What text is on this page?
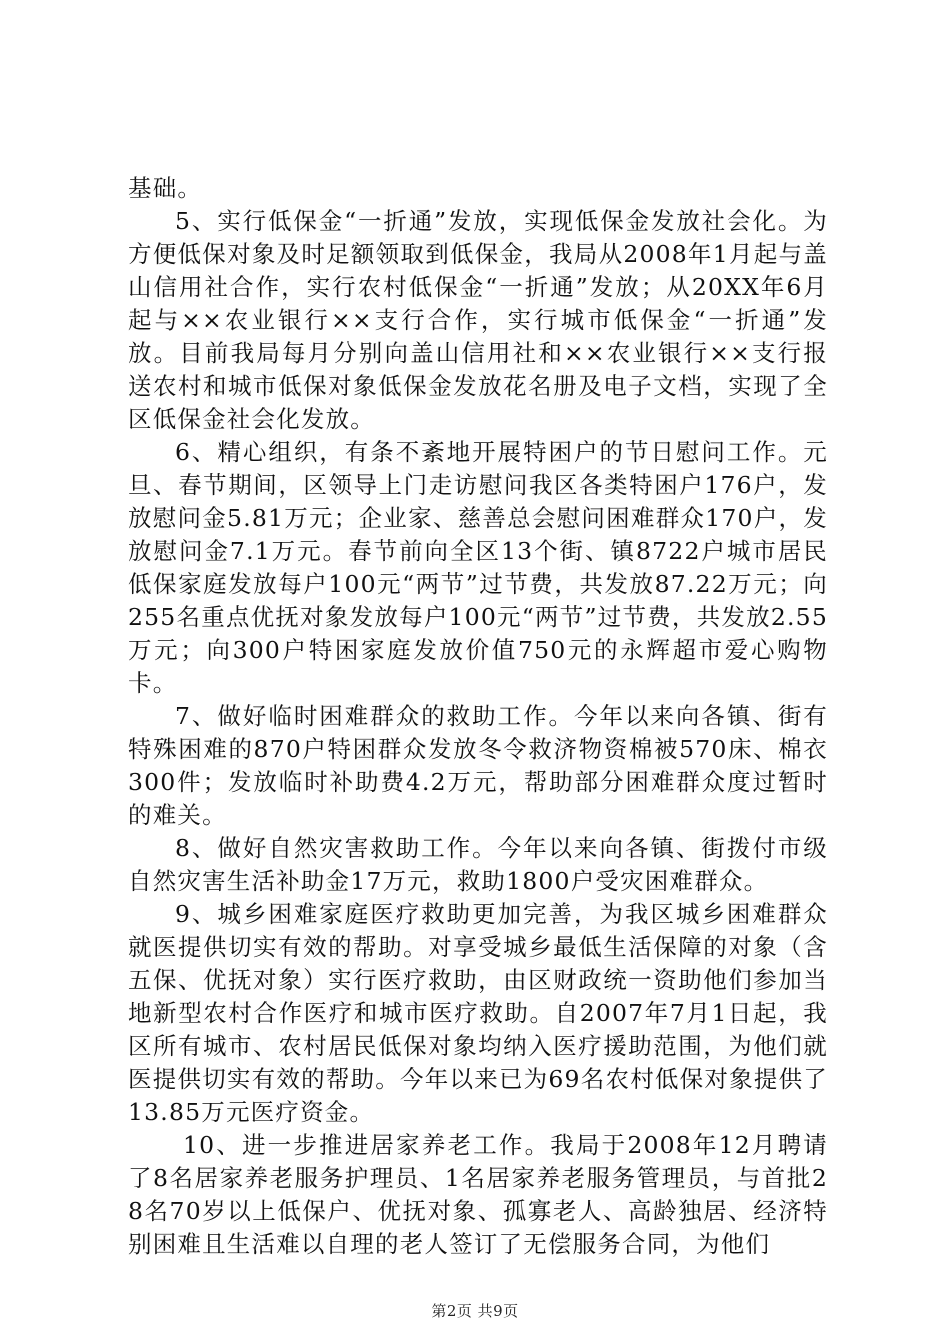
基础。

5、实行低保金“一折通”发放，实现低保金发放社会化。为方便低保对象及时足额领取到低保金，我局从2008年1月起与盖山信用社合作，实行农村低保金“一折通”发放；从20XX年6月起与××农业银行××支行合作，实行城市低保金“一折通”发放。目前我局每月分别向盖山信用社和××农业银行××支行报送农村和城市低保对象低保金发放花名册及电子文档，实现了全区低保金社会化发放。

6、精心组织，有条不紊地开展特困户的节日慰问工作。元旦、春节期间，区领导上门走访慰问我区各类特困户176户，发放慰问金5.81万元；企业家、慈善总会慰问困难群众170户，发放慰问金7.1万元。春节前向全区13个街、镇8722户城市居民低保家庭发放每户100元“两节”过节费，共发放87.22万元；向255名重点优抚对象发放每户100元“两节”过节费，共发放2.55万元；向300户特困家庭发放价值750元的永辉超市爱心购物卡。

7、做好临时困难群众的救助工作。今年以来向各镇、街有特殊困难的870户特困群众发放冬令救济物资棉被570床、棉衣300件；发放临时补助费4.2万元，帮助部分困难群众度过暂时的难关。

8、做好自然灾害救助工作。今年以来向各镇、街拨付市级自然灾害生活补助金17万元，救助1800户受灾困难群众。

9、城乡困难家庭医疗救助更加完善，为我区城乡困难群众就医提供切实有效的帮助。对享受城乡最低生活保障的对象（含五保、优抚对象）实行医疗救助，由区财政统一资助他们参加当地新型农村合作医疗和城市医疗救助。自2007年7月1日起，我区所有城市、农村居民低保对象均纳入医疗援助范围，为他们就医提供切实有效的帮助。今年以来已为69名农村低保对象提供了13.85万元医疗资金。

10、进一步推进居家养老工作。我局于2008年12月聘请了8名居家养老服务护理员、1名居家养老服务管理员，与首批28名70岁以上低保户、优抚对象、孤寡老人、高龄独居、经济特别困难且生活难以自理的老人签订了无偿服务合同，为他们

第2页 共9页
